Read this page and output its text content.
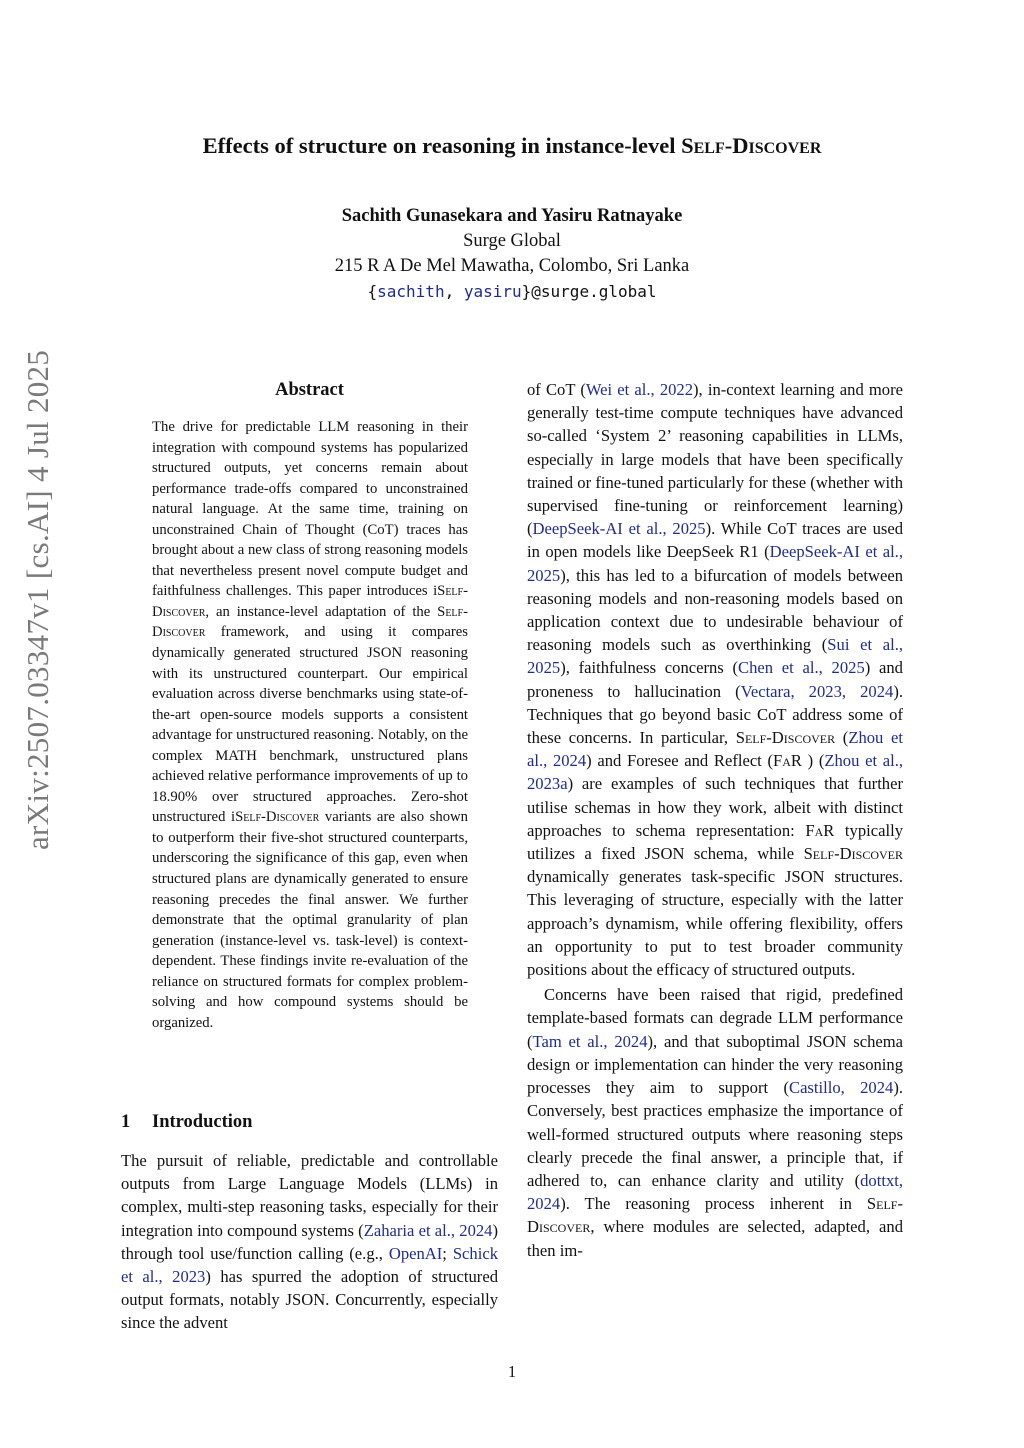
arXiv:2507.03347v1 [cs.AI] 4 Jul 2025
Effects of structure on reasoning in instance-level Self-Discover
Sachith Gunasekara and Yasiru Ratnayake
Surge Global
215 R A De Mel Mawatha, Colombo, Sri Lanka
{sachith, yasiru}@surge.global
Abstract

The drive for predictable LLM reasoning in their integration with compound systems has popularized structured outputs, yet concerns remain about performance trade-offs compared to unconstrained natural language. At the same time, training on unconstrained Chain of Thought (CoT) traces has brought about a new class of strong reasoning models that nevertheless present novel compute budget and faithfulness challenges. This paper introduces iSelf-Discover, an instance-level adaptation of the Self-Discover framework, and using it compares dynamically generated structured JSON reasoning with its unstructured counterpart. Our empirical evaluation across diverse benchmarks using state-of-the-art open-source models supports a consistent advantage for unstructured reasoning. Notably, on the complex MATH benchmark, unstructured plans achieved relative performance improvements of up to 18.90% over structured approaches. Zero-shot unstructured iSelf-Discover variants are also shown to outperform their five-shot structured counterparts, underscoring the significance of this gap, even when structured plans are dynamically generated to ensure reasoning precedes the final answer. We further demonstrate that the optimal granularity of plan generation (instance-level vs. task-level) is context-dependent. These findings invite re-evaluation of the reliance on structured formats for complex problem-solving and how compound systems should be organized.

1 Introduction

The pursuit of reliable, predictable and controllable outputs from Large Language Models (LLMs) in complex, multi-step reasoning tasks, especially for their integration into compound systems (Zaharia et al., 2024) through tool use/function calling (e.g., OpenAI; Schick et al., 2023) has spurred the adoption of structured output formats, notably JSON. Concurrently, especially since the advent

of CoT (Wei et al., 2022), in-context learning and more generally test-time compute techniques have advanced so-called ‘System 2’ reasoning capabilities in LLMs, especially in large models that have been specifically trained or fine-tuned particularly for these (whether with supervised fine-tuning or reinforcement learning) (DeepSeek-AI et al., 2025). While CoT traces are used in open models like DeepSeek R1 (DeepSeek-AI et al., 2025), this has led to a bifurcation of models between reasoning models and non-reasoning models based on application context due to undesirable behaviour of reasoning models such as overthinking (Sui et al., 2025), faithfulness concerns (Chen et al., 2025) and proneness to hallucination (Vectara, 2023, 2024). Techniques that go beyond basic CoT address some of these concerns. In particular, Self-Discover (Zhou et al., 2024) and Foresee and Reflect (FaR ) (Zhou et al., 2023a) are examples of such techniques that further utilise schemas in how they work, albeit with distinct approaches to schema representation: FaR typically utilizes a fixed JSON schema, while Self-Discover dynamically generates task-specific JSON structures. This leveraging of structure, especially with the latter approach’s dynamism, while offering flexibility, offers an opportunity to put to test broader community positions about the efficacy of structured outputs.

Concerns have been raised that rigid, predefined template-based formats can degrade LLM performance (Tam et al., 2024), and that suboptimal JSON schema design or implementation can hinder the very reasoning processes they aim to support (Castillo, 2024). Conversely, best practices emphasize the importance of well-formed structured outputs where reasoning steps clearly precede the final answer, a principle that, if adhered to, can enhance clarity and utility (dottxt, 2024). The reasoning process inherent in Self-Discover, where modules are selected, adapted, and then im-

1
